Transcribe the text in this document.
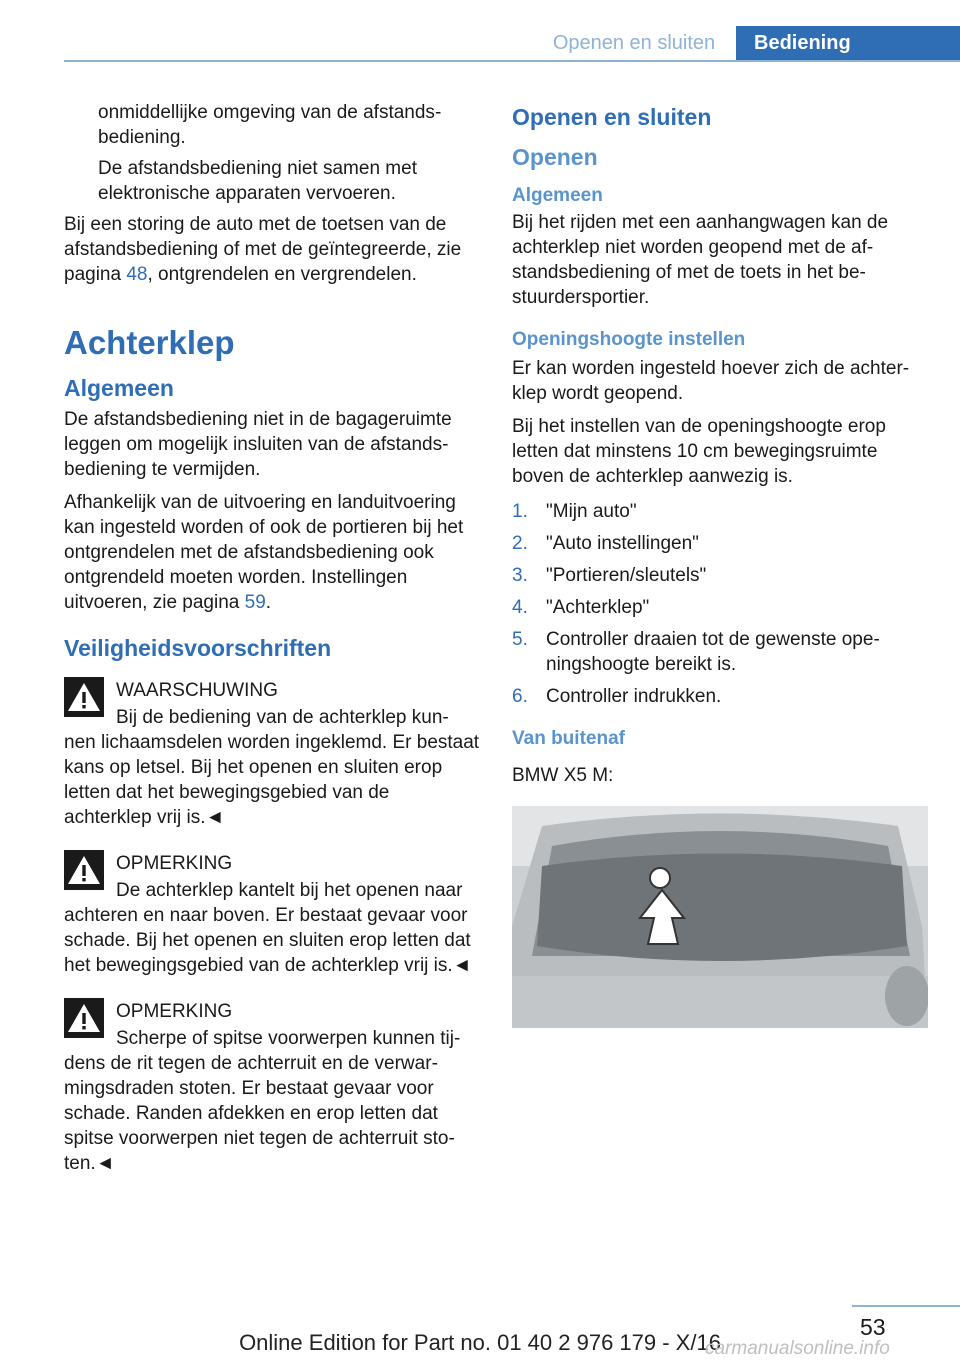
Openen en sluiten	Bediening

onmiddellijke omgeving van de afstandsbediening.

De afstandsbediening niet samen met elektronische apparaten vervoeren.

Bij een storing de auto met de toetsen van de afstandsbediening of met de geïntegreerde, zie pagina 48, ontgrendelen en vergrendelen.

Achterklep
Algemeen

De afstandsbediening niet in de bagageruimte leggen om mogelijk insluiten van de afstandsbediening te vermijden.

Afhankelijk van de uitvoering en landuitvoering kan ingesteld worden of ook de portieren bij het ontgrendelen met de afstandsbediening ook ontgrendeld moeten worden. Instellingen uitvoeren, zie pagina 59.

Veiligheidsvoorschriften
WAARSCHUWING
Bij de bediening van de achterklep kun-
nen lichaamsdelen worden ingeklemd. Er bestaat kans op letsel. Bij het openen en sluiten erop letten dat het bewegingsgebied van de achterklep vrij is.◄
OPMERKING
De achterklep kantelt bij het openen naar
achteren en naar boven. Er bestaat gevaar voor schade. Bij het openen en sluiten erop letten dat het bewegingsgebied van de achterklep vrij is.◄
OPMERKING
Scherpe of spitse voorwerpen kunnen tij-
dens de rit tegen de achterruit en de verwarmingsdraden stoten. Er bestaat gevaar voor schade. Randen afdekken en erop letten dat spitse voorwerpen niet tegen de achterruit stoten.◄
Openen en sluiten
Openen
Algemeen

Bij het rijden met een aanhangwagen kan de achterklep niet worden geopend met de afstandsbediening of met de toets in het bestuurdersportier.

Openingshoogte instellen

Er kan worden ingesteld hoever zich de achterklep wordt geopend.

Bij het instellen van de openingshoogte erop letten dat minstens 10 cm bewegingsruimte boven de achterklep aanwezig is.

1. "Mijn auto"
2. "Auto instellingen"
3. "Portieren/sleutels"
4. "Achterklep"
5. Controller draaien tot de gewenste openingshoogte bereikt is.
6. Controller indrukken.
Van buitenaf

BMW X5 M:

53
Online Edition for Part no. 01 40 2 976 179 - X/16
carmanualsonline.info
